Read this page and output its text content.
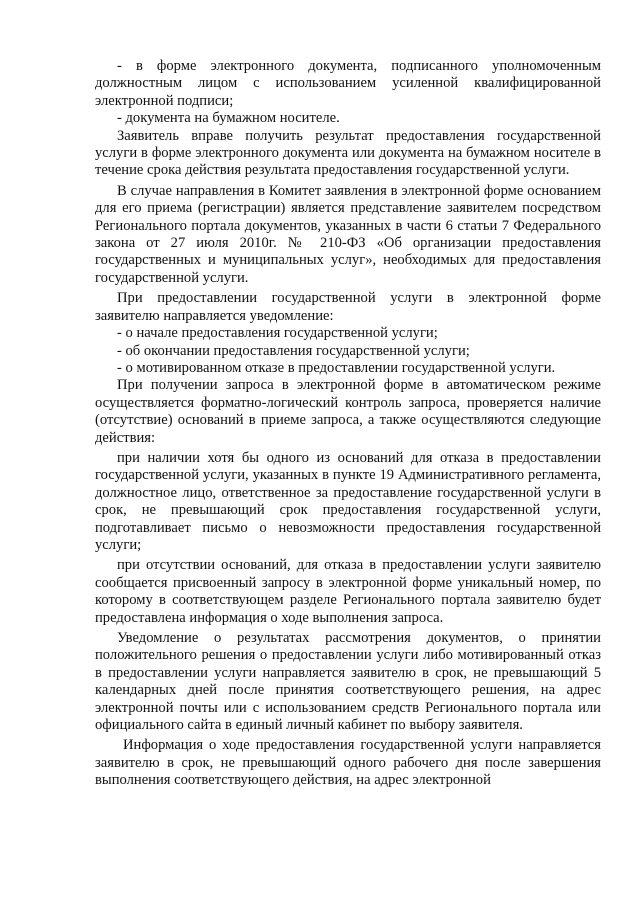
- в форме электронного документа, подписанного уполномоченным должностным лицом с использованием усиленной квалифицированной электронной подписи;

- документа на бумажном носителе.

Заявитель вправе получить результат предоставления государственной услуги в форме электронного документа или документа на бумажном носителе в течение срока действия результата предоставления государственной услуги.

В случае направления в Комитет заявления в электронной форме основанием для его приема (регистрации) является представление заявителем посредством Регионального портала документов, указанных в части 6 статьи 7 Федерального закона от 27 июля 2010г. № 210-ФЗ «Об организации предоставления государственных и муниципальных услуг», необходимых для предоставления государственной услуги.

При предоставлении государственной услуги в электронной форме заявителю направляется уведомление:

- о начале предоставления государственной услуги;

- об окончании предоставления государственной услуги;

- о мотивированном отказе в предоставлении государственной услуги.

При получении запроса в электронной форме в автоматическом режиме осуществляется форматно-логический контроль запроса, проверяется наличие (отсутствие) оснований в приеме запроса, а также осуществляются следующие действия:

при наличии хотя бы одного из оснований для отказа в предоставлении государственной услуги, указанных в пункте 19 Административного регламента, должностное лицо, ответственное за предоставление государственной услуги в срок, не превышающий срок предоставления государственной услуги, подготавливает письмо о невозможности предоставления государственной услуги;

при отсутствии оснований, для отказа в предоставлении услуги заявителю сообщается присвоенный запросу в электронной форме уникальный номер, по которому в соответствующем разделе Регионального портала заявителю будет предоставлена информация о ходе выполнения запроса.

Уведомление о результатах рассмотрения документов, о принятии положительного решения о предоставлении услуги либо мотивированный отказ в предоставлении услуги направляется заявителю в срок, не превышающий 5 календарных дней после принятия соответствующего решения, на адрес электронной почты или с использованием средств Регионального портала или официального сайта в единый личный кабинет по выбору заявителя.

Информация о ходе предоставления государственной услуги направляется заявителю в срок, не превышающий одного рабочего дня после завершения выполнения соответствующего действия, на адрес электронной
